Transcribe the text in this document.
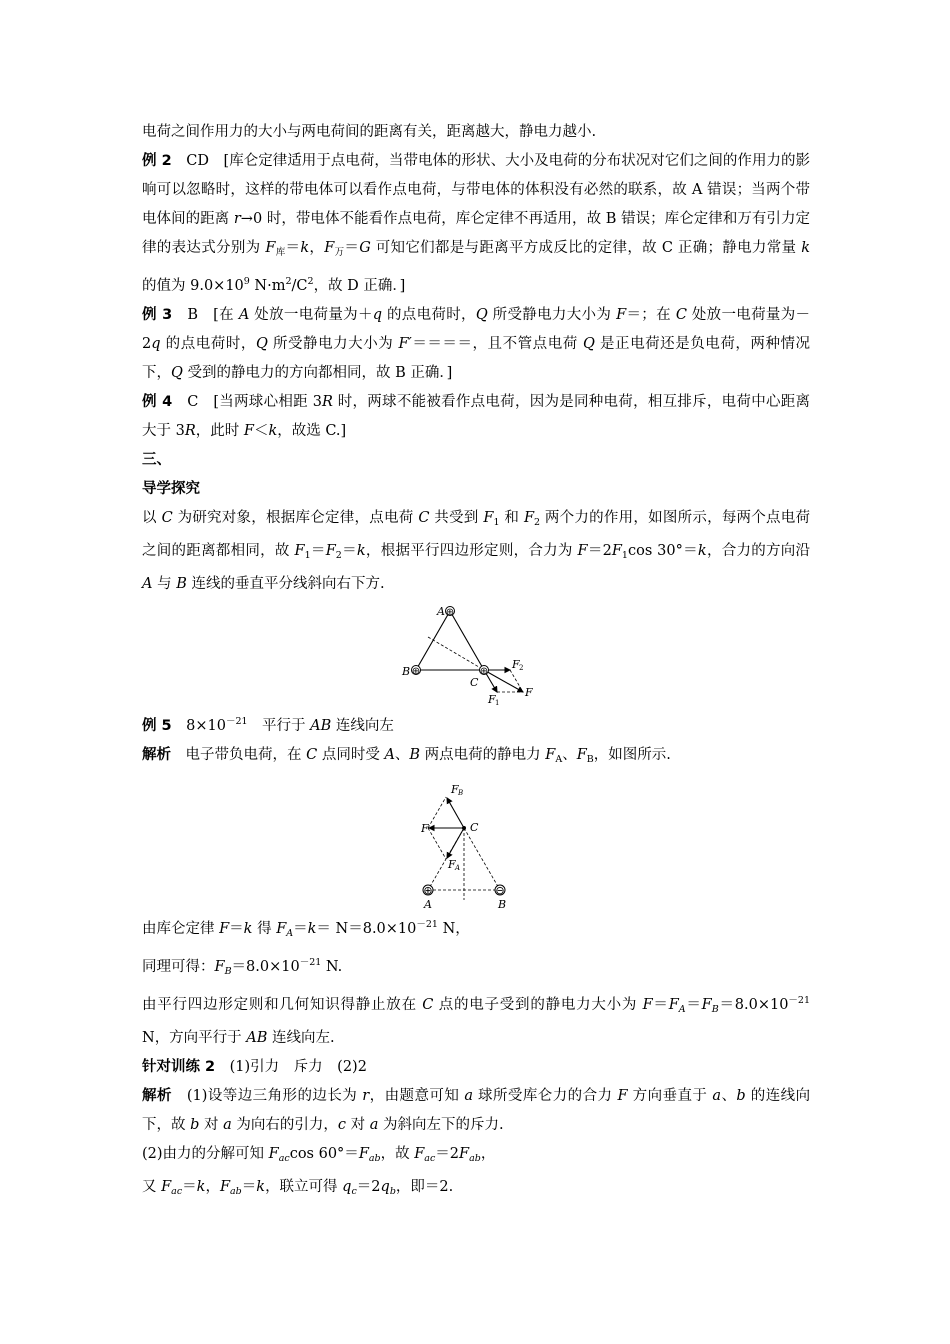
电荷之间作用力的大小与两电荷间的距离有关，距离越大，静电力越小.

例 2　 CD　 [库仑定律适用于点电荷，当带电体的形状、大小及电荷的分布状况对它们之间的作用力的影响可以忽略时，这样的带电体可以看作点电荷，与带电体的体积没有必然的联系，故 A 错误；当两个带电体间的距离 r→0 时，带电体不能看作点电荷，库仑定律不再适用，故 B 错误；库仑定律和万有引力定律的表达式分别为 $F_库=k$，$F_万=G$ 可知它们都是与距离平方成反比的定律，故 C 正确；静电力常量 k 的值为 $9.0\times 10^9$ $N\cdot m^2/C^2$，故 D 正确．]

例 3　 B　 [在 A 处放一电荷量为＋q 的点电荷时，Q 所受静电力大小为 F＝；在 C 处放一电荷量为－2q 的点电荷时，Q 所受静电力大小为 F′＝＝＝＝，且不管点电荷 Q 是正电荷还是负电荷，两种情况下，Q 受到的静电力的方向都相同，故 B 正确．]

例 4　 C　 [当两球心相距 3R 时，两球不能被看作点电荷，因为是同种电荷，相互排斥，电荷中心距离大于 3R，此时 F＜k，故选 C.]

三、

导学探究

以 C 为研究对象，根据库仑定律，点电荷 C 共受到 $F_1$ 和 $F_2$ 两个力的作用，如图所示，每两个点电荷之间的距离都相同，故 $F_1=F_2=k$，根据平行四边形定则，合力为 $F=2F_1\cos$ 30°＝k，合力的方向沿 A 与 B 连线的垂直平分线斜向右下方.

⊕
⊕	⊕
A
B
C
F 2
F 1
F

例 5　 $8\times 10^{-21}$　平行于 AB 连线向左

解析　 电子带负电荷，在 C 点同时受 A、B 两点电荷的静电力 $F_A$、$F_B$，如图所示.

⊕	⊖
F B
F	C
F A
A	B

由库仑定律 F＝k 得 $F_A=k= N=8.0\times 10^{-21}$ N，

同理可得：$F_B=8.0\times 10^{-21}$ N.

由平行四边形定则和几何知识得静止放在 C 点的电子受到的静电力大小为 $F=F_A=F_B=8.0\times 10^{-21}$ N，方向平行于 AB 连线向左.

针对训练 2　 (1)引力　斥力　(2)2

解析　 (1)设等边三角形的边长为 r，由题意可知 a 球所受库仑力的合力 F 方向垂直于 a、b 的连线向下，故 b 对 a 为向右的引力，c 对 a 为斜向左下的斥力.

(2)由力的分解可知 $F_{ac}\cos$ $60^\circ=F_{ab}$，故 $F_{ac}=2F_{ab}$，

又 $F_{ac}=k$，$F_{ab}=k$，联立可得 $q_c=2q_b$，即＝2.
